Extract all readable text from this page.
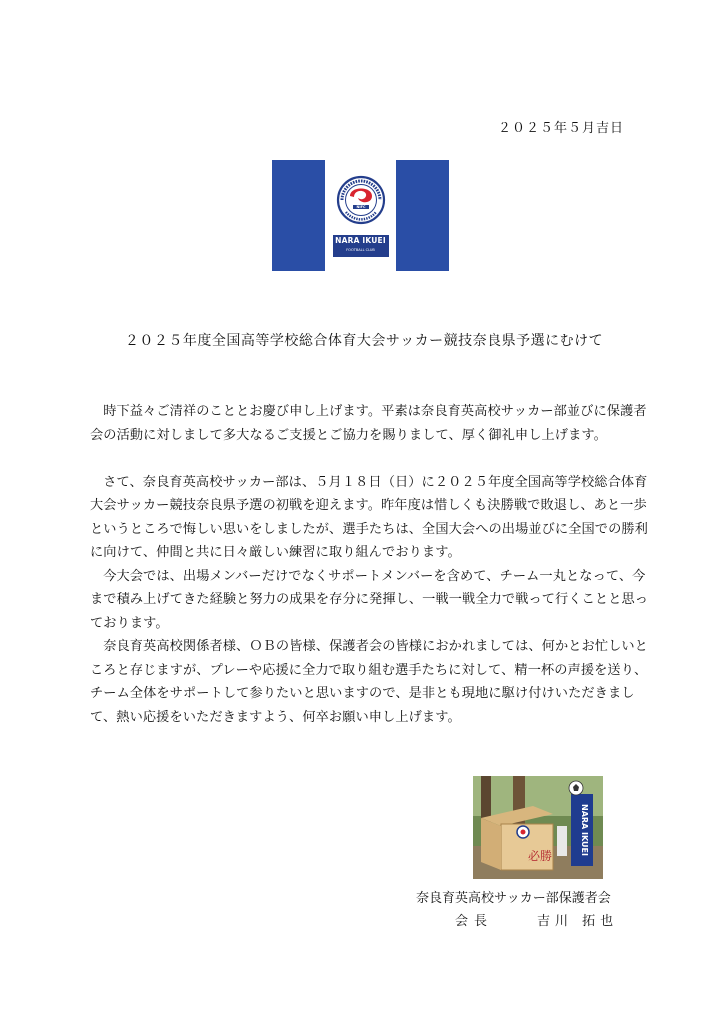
２０２５年５月吉日
NIFC
NARA IKUEI
FOOTBALL CLUB
２０２５年度全国高等学校総合体育大会サッカー競技奈良県予選にむけて

時下益々ご清祥のこととお慶び申し上げます。平素は奈良育英高校サッカー部並びに保護者会の活動に対しまして多大なるご支援とご協力を賜りまして、厚く御礼申し上げます。

さて、奈良育英高校サッカー部は、５月１８日（日）に２０２５年度全国高等学校総合体育大会サッカー競技奈良県予選の初戦を迎えます。昨年度は惜しくも決勝戦で敗退し、あと一歩というところで悔しい思いをしましたが、選手たちは、全国大会への出場並びに全国での勝利に向けて、仲間と共に日々厳しい練習に取り組んでおります。

今大会では、出場メンバーだけでなくサポートメンバーを含めて、チーム一丸となって、今まで積み上げてきた経験と努力の成果を存分に発揮し、一戦一戦全力で戦って行くことと思っております。

奈良育英高校関係者様、ＯＢの皆様、保護者会の皆様におかれましては、何かとお忙しいところと存じますが、プレーや応援に全力で取り組む選手たちに対して、精一杯の声援を送り、チーム全体をサポートして参りたいと思いますので、是非とも現地に駆け付けいただきまして、熱い応援をいただきますよう、何卒お願い申し上げます。

必勝	NARA IKUEI
奈良育英高校サッカー部保護者会
会長	吉川 拓也
